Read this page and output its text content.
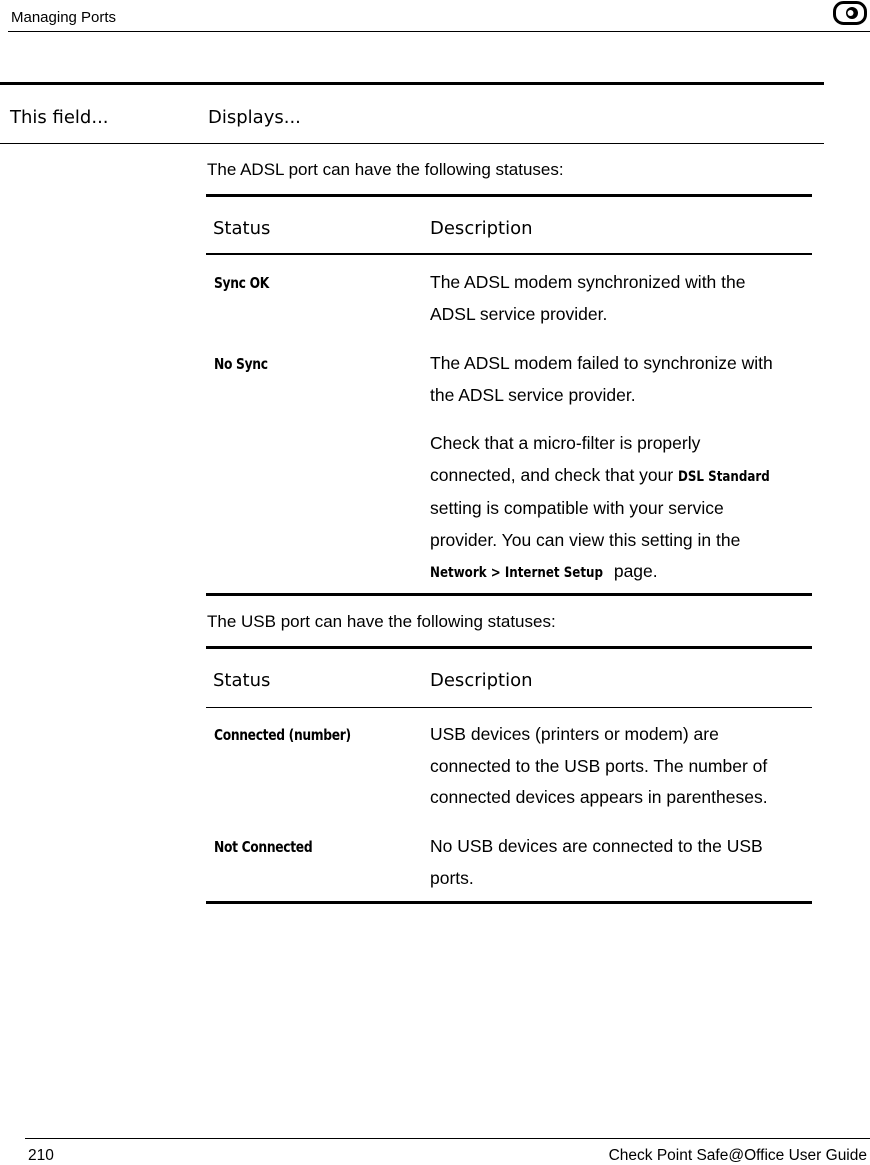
Managing Ports
This field...	Displays...
The ADSL port can have the following statuses:
Status	Description
Sync OK	The ADSL modem synchronized with the
ADSL service provider.
No Sync	The ADSL modem failed to synchronize with
the ADSL service provider.
Check that a micro-filter is properly
connected, and check that your DSL Standard
setting is compatible with your service
provider. You can view this setting in the
Network > Internet Setup page.
The USB port can have the following statuses:
Status	Description
Connected (number)	USB devices (printers or modem) are
connected to the USB ports. The number of
connected devices appears in parentheses.
Not Connected	No USB devices are connected to the USB
ports.
210	Check Point Safe@Office User Guide
